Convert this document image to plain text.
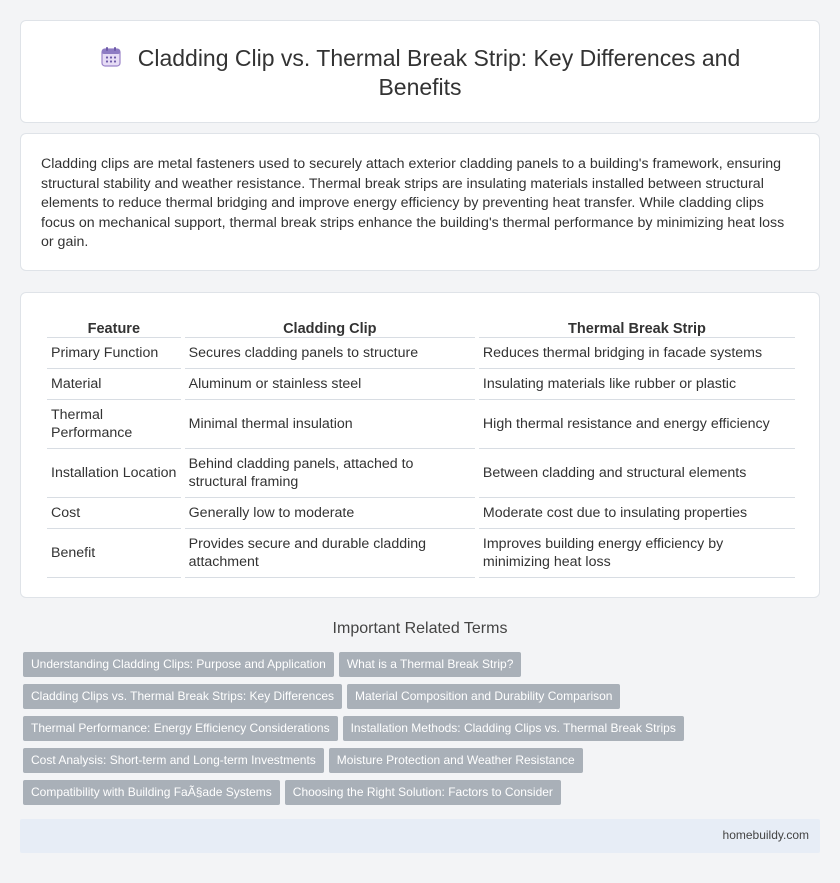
Cladding Clip vs. Thermal Break Strip: Key Differences and Benefits

Cladding clips are metal fasteners used to securely attach exterior cladding panels to a building's framework, ensuring structural stability and weather resistance. Thermal break strips are insulating materials installed between structural elements to reduce thermal bridging and improve energy efficiency by preventing heat transfer. While cladding clips focus on mechanical support, thermal break strips enhance the building's thermal performance by minimizing heat loss or gain.

Feature	Cladding Clip	Thermal Break Strip
Primary Function	Secures cladding panels to structure	Reduces thermal bridging in facade systems
Material	Aluminum or stainless steel	Insulating materials like rubber or plastic
Thermal Performance	Minimal thermal insulation	High thermal resistance and energy efficiency
Installation Location	Behind cladding panels, attached to structural framing	Between cladding and structural elements
Cost	Generally low to moderate	Moderate cost due to insulating properties
Benefit	Provides secure and durable cladding attachment	Improves building energy efficiency by minimizing heat loss
Important Related Terms
Understanding Cladding Clips: Purpose and Application What is a Thermal Break Strip?
Cladding Clips vs. Thermal Break Strips: Key Differences Material Composition and Durability Comparison
Thermal Performance: Energy Efficiency Considerations Installation Methods: Cladding Clips vs. Thermal Break Strips
Cost Analysis: Short-term and Long-term Investments Moisture Protection and Weather Resistance
Compatibility with Building FaÃ§ade Systems Choosing the Right Solution: Factors to Consider
homebuildy.com
